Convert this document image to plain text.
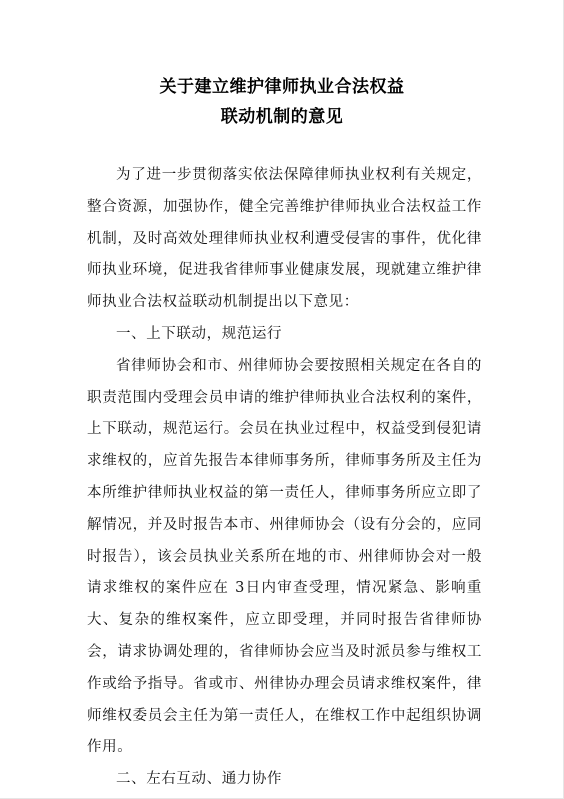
关于建立维护律师执业合法权益
联动机制的意见

为了进一步贯彻落实依法保障律师执业权利有关规定，整合资源，加强协作，健全完善维护律师执业合法权益工作机制，及时高效处理律师执业权利遭受侵害的事件，优化律师执业环境，促进我省律师事业健康发展，现就建立维护律师执业合法权益联动机制提出以下意见：

一、上下联动，规范运行

省律师协会和市、州律师协会要按照相关规定在各自的职责范围内受理会员申请的维护律师执业合法权利的案件，上下联动，规范运行。会员在执业过程中，权益受到侵犯请求维权的，应首先报告本律师事务所，律师事务所及主任为本所维护律师执业权益的第一责任人，律师事务所应立即了解情况，并及时报告本市、州律师协会（设有分会的，应同时报告），该会员执业关系所在地的市、州律师协会对一般请求维权的案件应在 3日内审查受理，情况紧急、影响重大、复杂的维权案件，应立即受理，并同时报告省律师协会，请求协调处理的，省律师协会应当及时派员参与维权工作或给予指导。省或市、州律协办理会员请求维权案件，律师维权委员会主任为第一责任人，在维权工作中起组织协调作用。

二、左右互动、通力协作
